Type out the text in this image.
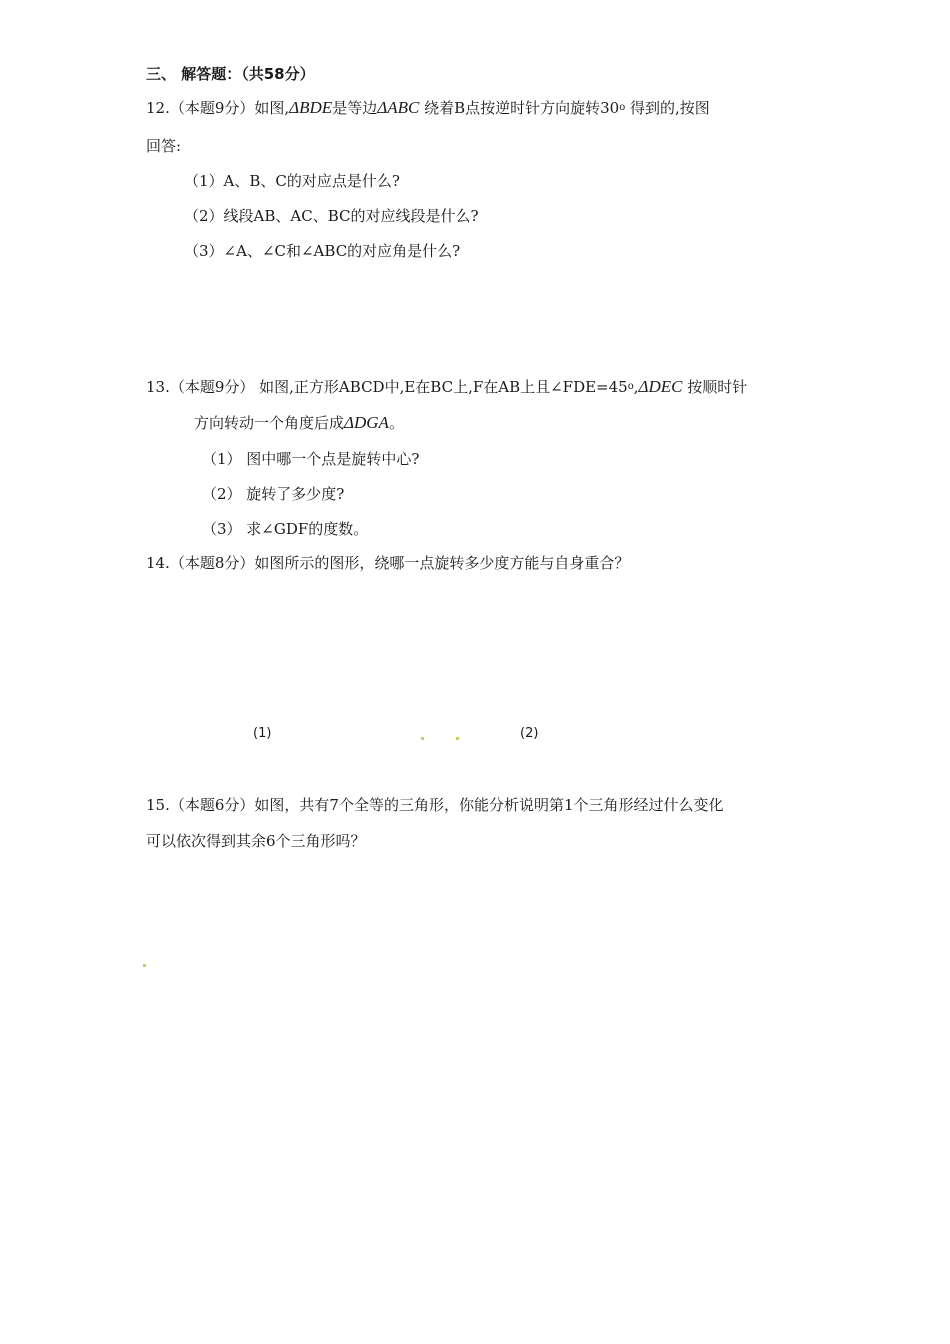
三、 解答题：（共58分）
12.（本题9分）如图,ΔBDE是等边ΔABC 绕着B点按逆时针方向旋转30$^o$ 得到的,按图
回答:
（1）A、B、C的对应点是什么?
（2）线段AB、AC、BC的对应线段是什么?
（3）∠A、∠C和∠ABC的对应角是什么?
13.（本题9分） 如图,正方形ABCD中,E在BC上,F在AB上且$\angle FDE=45^o,\Delta DEC$ 按顺时针
方向转动一个角度后成ΔDGA。
（1） 图中哪一个点是旋转中心?
（2） 旋转了多少度?
（3） 求∠GDF的度数。
14.（本题8分）如图所示的图形，绕哪一点旋转多少度方能与自身重合？
(1)	(2)
15.（本题6分）如图，共有7个全等的三角形，你能分析说明第1个三角形经过什么变化
可以依次得到其余6个三角形吗？
